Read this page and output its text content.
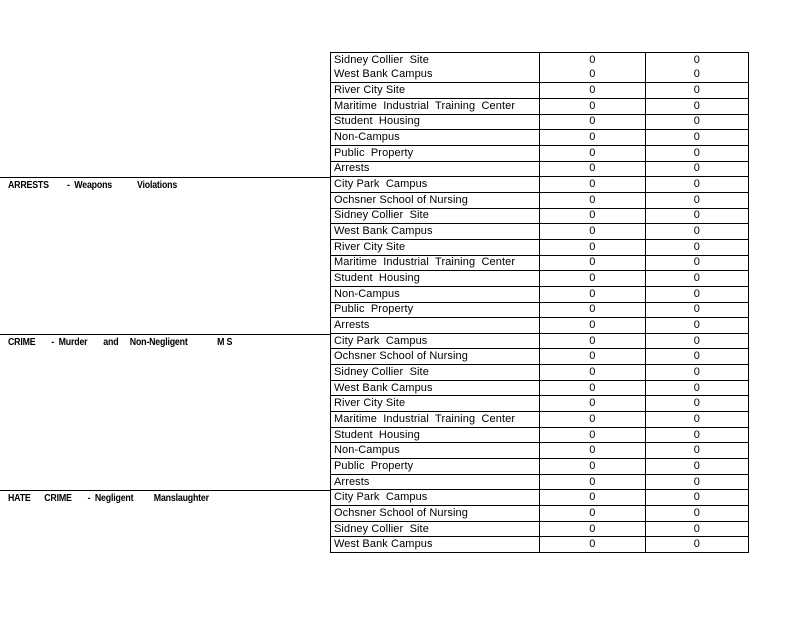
Sidney Collier  Site	0	0
West Bank Campus	0	0
River City Site	0	0
Maritime  Industrial  Training  Center	0	0
Student  Housing	0	0
Non-Campus	0	0
Public  Property	0	0
Arrests	0	0
City Park  Campus	0	0
Ochsner School of Nursing	0	0
Sidney Collier  Site	0	0
West Bank Campus	0	0
River City Site	0	0
Maritime  Industrial  Training  Center	0	0
Student  Housing	0	0
Non-Campus	0	0
Public  Property	0	0
Arrests	0	0
City Park  Campus	0	0
Ochsner School of Nursing	0	0
Sidney Collier  Site	0	0
West Bank Campus	0	0
River City Site	0	0
Maritime  Industrial  Training  Center	0	0
Student  Housing	0	0
Non-Campus	0	0
Public  Property	0	0
Arrests	0	0
City Park  Campus	0	0
Ochsner School of Nursing	0	0
Sidney Collier  Site	0	0
West Bank Campus	0	0
ARRESTS        -  Weapons           Violations
CRIME       -  Murder       and     Non-Negligent             M S
HATE      CRIME       -  Negligent         Manslaughter
